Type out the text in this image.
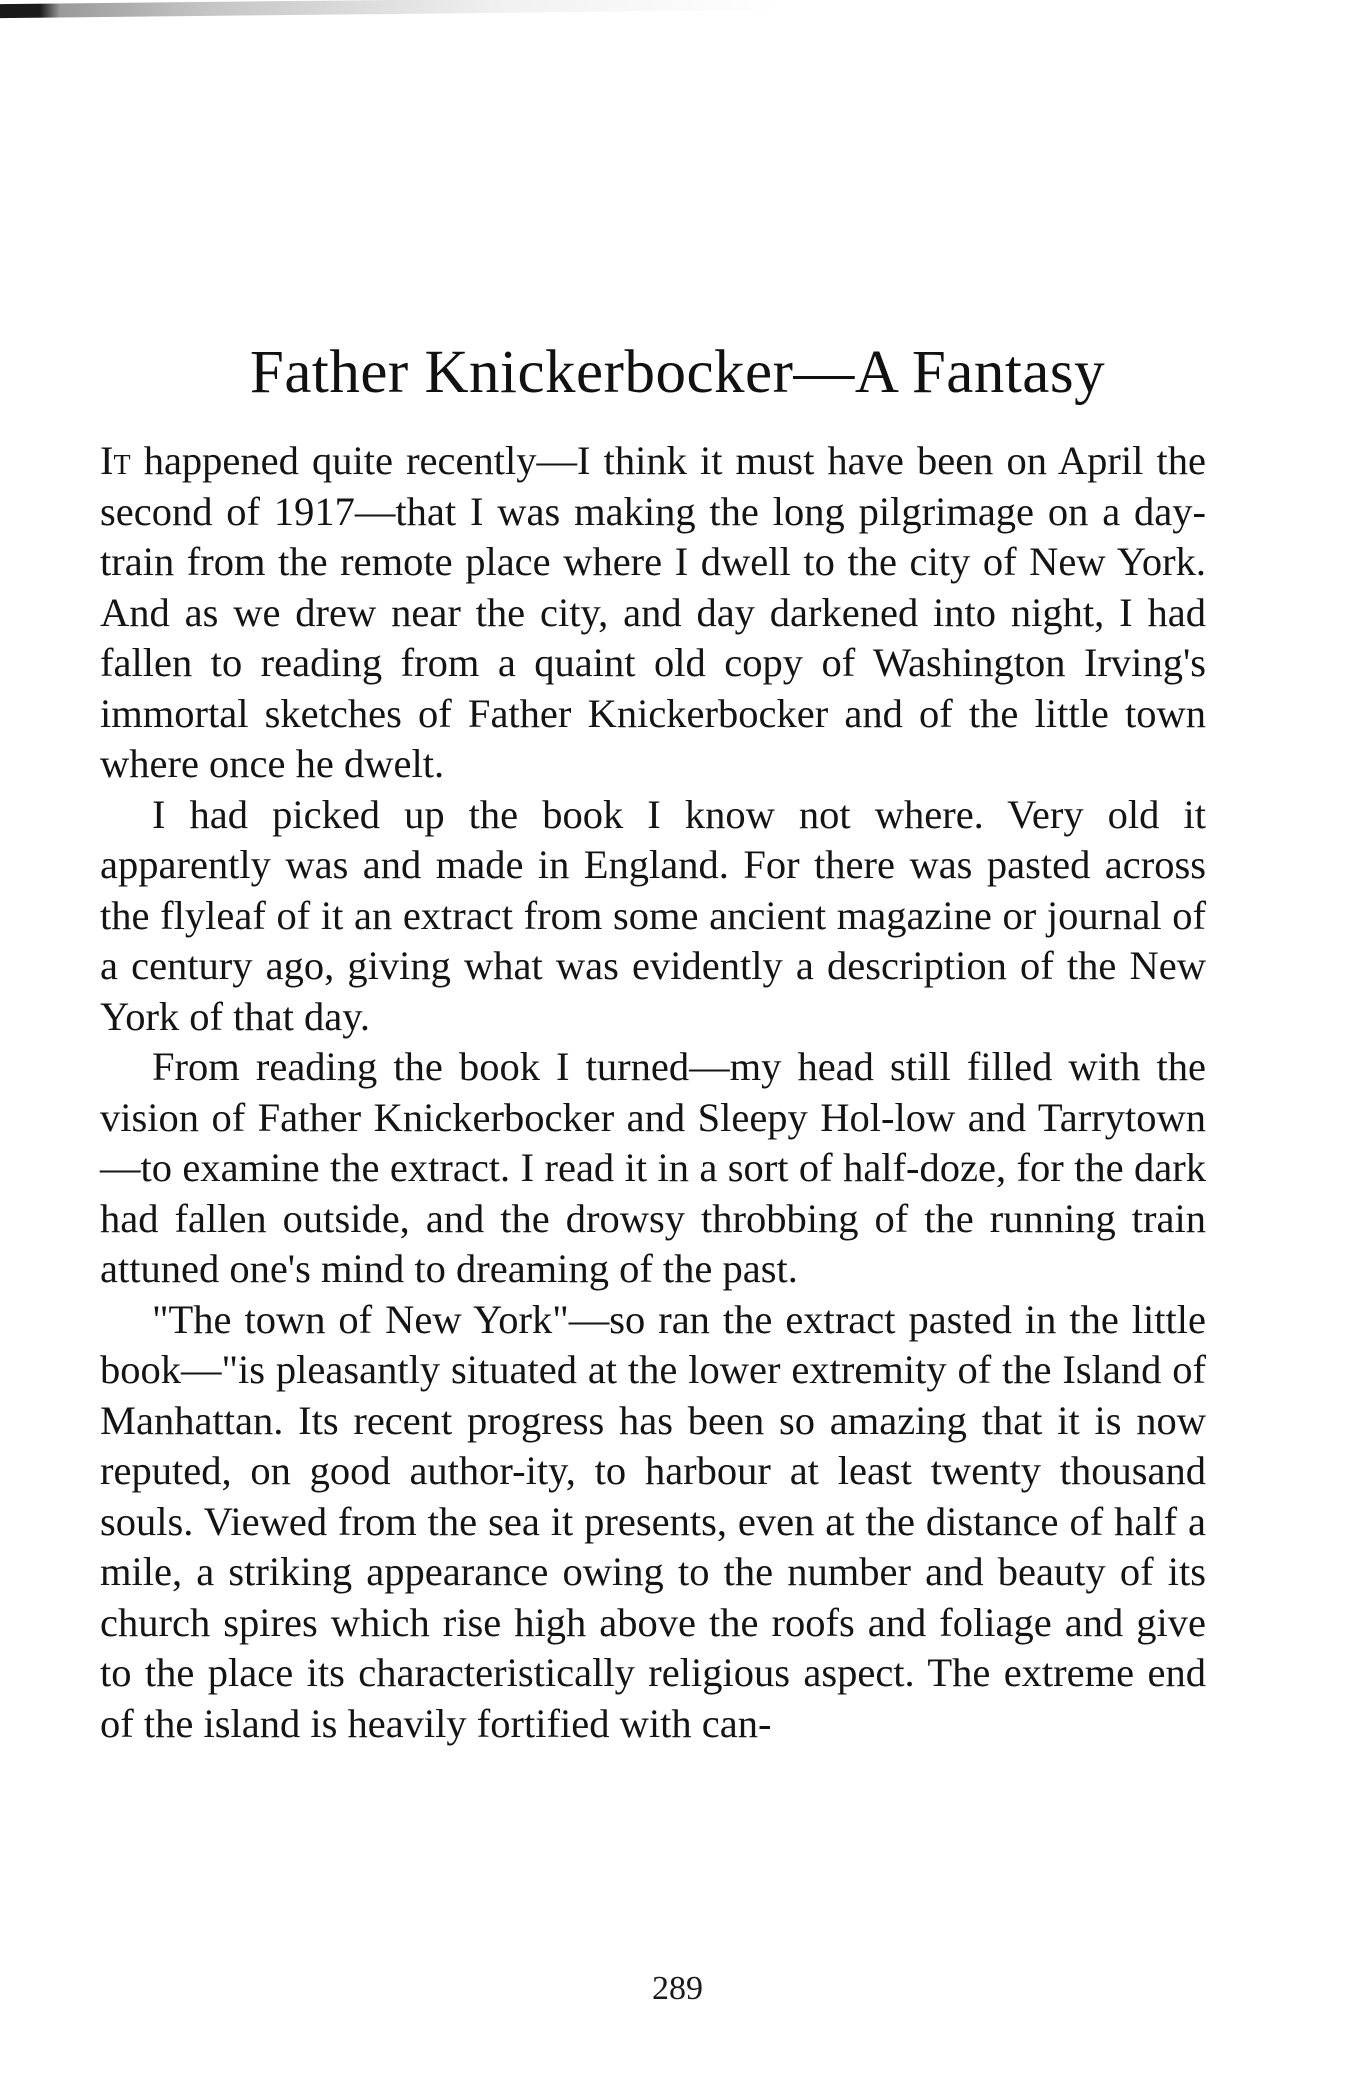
Father Knickerbocker—A Fantasy

It happened quite recently—I think it must have been on April the second of 1917—that I was making the long pilgrimage on a day-train from the remote place where I dwell to the city of New York. And as we drew near the city, and day darkened into night, I had fallen to reading from a quaint old copy of Washington Irving's immortal sketches of Father Knickerbocker and of the little town where once he dwelt.

I had picked up the book I know not where. Very old it apparently was and made in England. For there was pasted across the flyleaf of it an extract from some ancient magazine or journal of a century ago, giving what was evidently a description of the New York of that day.

From reading the book I turned—my head still filled with the vision of Father Knickerbocker and Sleepy Hol-low and Tarrytown—to examine the extract. I read it in a sort of half-doze, for the dark had fallen outside, and the drowsy throbbing of the running train attuned one's mind to dreaming of the past.

"The town of New York"—so ran the extract pasted in the little book—"is pleasantly situated at the lower extremity of the Island of Manhattan. Its recent progress has been so amazing that it is now reputed, on good author-ity, to harbour at least twenty thousand souls. Viewed from the sea it presents, even at the distance of half a mile, a striking appearance owing to the number and beauty of its church spires which rise high above the roofs and foliage and give to the place its characteristically religious aspect. The extreme end of the island is heavily fortified with can-

289
